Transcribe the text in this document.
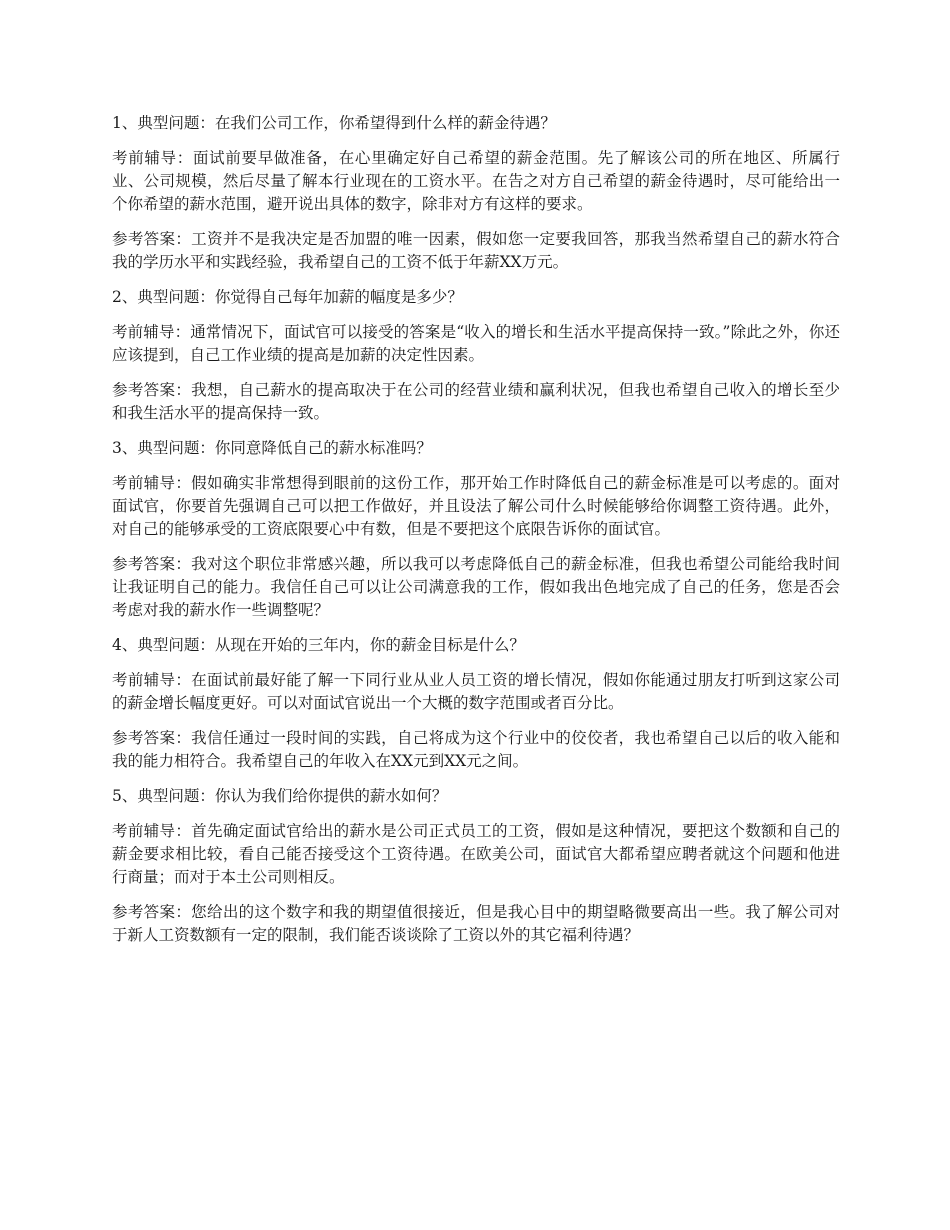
1、典型问题：在我们公司工作，你希望得到什么样的薪金待遇？

考前辅导：面试前要早做准备，在心里确定好自己希望的薪金范围。先了解该公司的所在地区、所属行业、公司规模，然后尽量了解本行业现在的工资水平。在告之对方自己希望的薪金待遇时，尽可能给出一个你希望的薪水范围，避开说出具体的数字，除非对方有这样的要求。

参考答案：工资并不是我决定是否加盟的唯一因素，假如您一定要我回答，那我当然希望自己的薪水符合我的学历水平和实践经验，我希望自己的工资不低于年薪XX万元。

2、典型问题：你觉得自己每年加薪的幅度是多少？

考前辅导：通常情况下，面试官可以接受的答案是“收入的增长和生活水平提高保持一致。”除此之外，你还应该提到，自己工作业绩的提高是加薪的决定性因素。

参考答案：我想，自己薪水的提高取决于在公司的经营业绩和赢利状况，但我也希望自己收入的增长至少和我生活水平的提高保持一致。

3、典型问题：你同意降低自己的薪水标准吗？

考前辅导：假如确实非常想得到眼前的这份工作，那开始工作时降低自己的薪金标准是可以考虑的。面对面试官，你要首先强调自己可以把工作做好，并且设法了解公司什么时候能够给你调整工资待遇。此外，对自己的能够承受的工资底限要心中有数，但是不要把这个底限告诉你的面试官。

参考答案：我对这个职位非常感兴趣，所以我可以考虑降低自己的薪金标准，但我也希望公司能给我时间让我证明自己的能力。我信任自己可以让公司满意我的工作，假如我出色地完成了自己的任务，您是否会考虑对我的薪水作一些调整呢？

4、典型问题：从现在开始的三年内，你的薪金目标是什么？

考前辅导：在面试前最好能了解一下同行业从业人员工资的增长情况，假如你能通过朋友打听到这家公司的薪金增长幅度更好。可以对面试官说出一个大概的数字范围或者百分比。

参考答案：我信任通过一段时间的实践，自己将成为这个行业中的佼佼者，我也希望自己以后的收入能和我的能力相符合。我希望自己的年收入在XX元到XX元之间。

5、典型问题：你认为我们给你提供的薪水如何？

考前辅导：首先确定面试官给出的薪水是公司正式员工的工资，假如是这种情况，要把这个数额和自己的薪金要求相比较，看自己能否接受这个工资待遇。在欧美公司，面试官大都希望应聘者就这个问题和他进行商量；而对于本土公司则相反。

参考答案：您给出的这个数字和我的期望值很接近，但是我心目中的期望略微要高出一些。我了解公司对于新人工资数额有一定的限制，我们能否谈谈除了工资以外的其它福利待遇？
